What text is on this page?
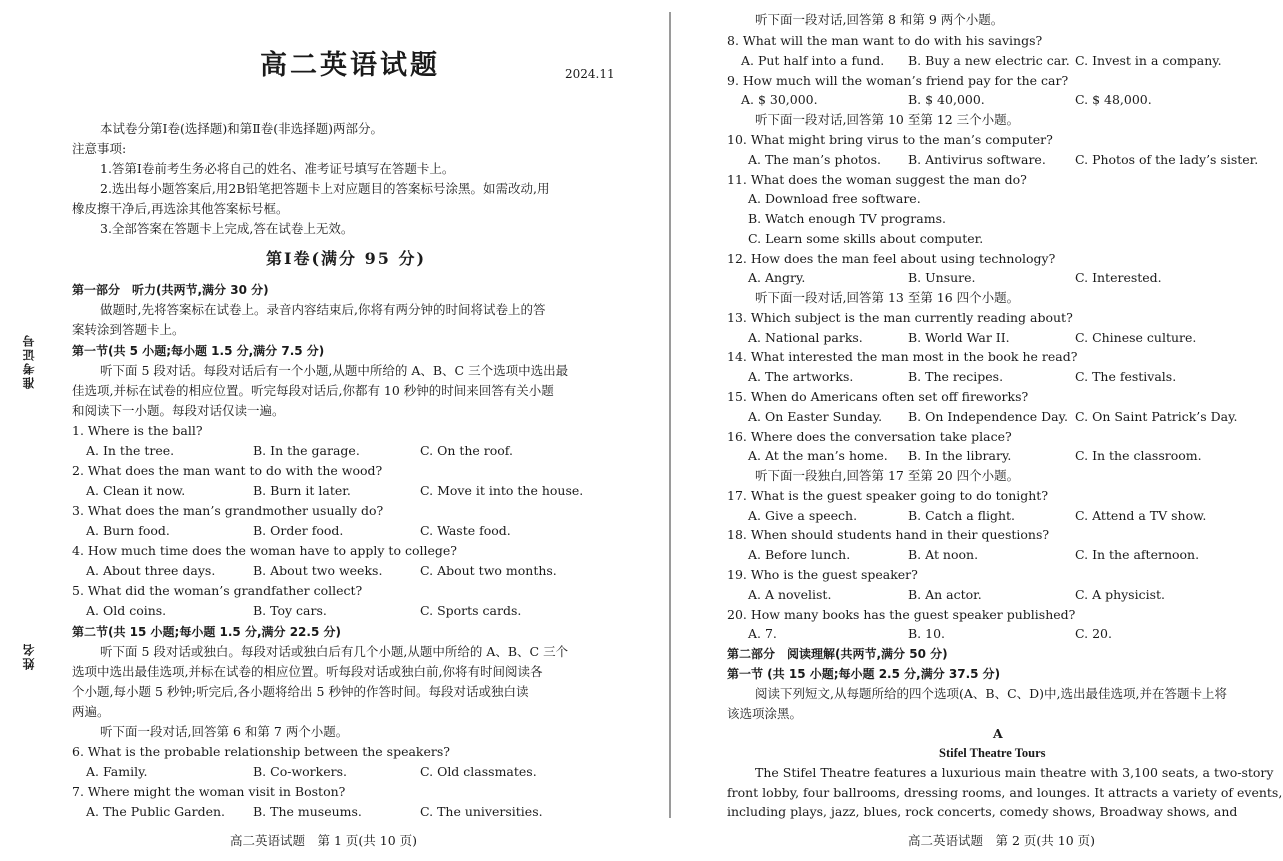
准考证号
姓名
高二英语试题	2024.11
本试卷分第Ⅰ卷(选择题)和第Ⅱ卷(非选择题)两部分。
注意事项:
1.答第Ⅰ卷前考生务必将自己的姓名、准考证号填写在答题卡上。
2.选出每小题答案后,用2B铅笔把答题卡上对应题目的答案标号涂黑。如需改动,用
橡皮擦干净后,再选涂其他答案标号框。
3.全部答案在答题卡上完成,答在试卷上无效。
第Ⅰ卷(满分 95 分)
第一部分　听力(共两节,满分 30 分)
做题时,先将答案标在试卷上。录音内容结束后,你将有两分钟的时间将试卷上的答
案转涂到答题卡上。
第一节(共 5 小题;每小题 1.5 分,满分 7.5 分)
听下面 5 段对话。每段对话后有一个小题,从题中所给的 A、B、C 三个选项中选出最
佳选项,并标在试卷的相应位置。听完每段对话后,你都有 10 秒钟的时间来回答有关小题
和阅读下一小题。每段对话仅读一遍。
1. Where is the ball?
A. In the tree.	B. In the garage.	C. On the roof.
2. What does the man want to do with the wood?
A. Clean it now.	B. Burn it later.	C. Move it into the house.
3. What does the man’s grandmother usually do?
A. Burn food.	B. Order food.	C. Waste food.
4. How much time does the woman have to apply to college?
A. About three days.	B. About two weeks.	C. About two months.
5. What did the woman’s grandfather collect?
A. Old coins.	B. Toy cars.	C. Sports cards.
第二节(共 15 小题;每小题 1.5 分,满分 22.5 分)
听下面 5 段对话或独白。每段对话或独白后有几个小题,从题中所给的 A、B、C 三个
选项中选出最佳选项,并标在试卷的相应位置。听每段对话或独白前,你将有时间阅读各
个小题,每小题 5 秒钟;听完后,各小题将给出 5 秒钟的作答时间。每段对话或独白读
两遍。
听下面一段对话,回答第 6 和第 7 两个小题。
6. What is the probable relationship between the speakers?
A. Family.	B. Co-workers.	C. Old classmates.
7. Where might the woman visit in Boston?
A. The Public Garden. B. The museums.	C. The universities.
高二英语试题　第 1 页(共 10 页)
听下面一段对话,回答第 8 和第 9 两个小题。
8. What will the man want to do with his savings?
A. Put half into a fund. B. Buy a new electric car. C. Invest in a company.
9. How much will the woman’s friend pay for the car?
A. $ 30,000.	B. $ 40,000.	C. $ 48,000.
听下面一段对话,回答第 10 至第 12 三个小题。
10. What might bring virus to the man’s computer?
A. The man’s photos. B. Antivirus software. C. Photos of the lady’s sister.
11. What does the woman suggest the man do?
A. Download free software.
B. Watch enough TV programs.
C. Learn some skills about computer.
12. How does the man feel about using technology?
A. Angry.	B. Unsure.	C. Interested.
听下面一段对话,回答第 13 至第 16 四个小题。
13. Which subject is the man currently reading about?
A. National parks.	B. World War II.	C. Chinese culture.
14. What interested the man most in the book he read?
A. The artworks.	B. The recipes.	C. The festivals.
15. When do Americans often set off fireworks?
A. On Easter Sunday. B. On Independence Day. C. On Saint Patrick’s Day.
16. Where does the conversation take place?
A. At the man’s home. B. In the library.	C. In the classroom.
听下面一段独白,回答第 17 至第 20 四个小题。
17. What is the guest speaker going to do tonight?
A. Give a speech.	B. Catch a flight.	C. Attend a TV show.
18. When should students hand in their questions?
A. Before lunch.	B. At noon.	C. In the afternoon.
19. Who is the guest speaker?
A. A novelist.	B. An actor.	C. A physicist.
20. How many books has the guest speaker published?
A. 7.	B. 10.	C. 20.
第二部分　阅读理解(共两节,满分 50 分)
第一节 (共 15 小题;每小题 2.5 分,满分 37.5 分)
阅读下列短文,从每题所给的四个选项(A、B、C、D)中,选出最佳选项,并在答题卡上将
该选项涂黑。
A
Stifel Theatre Tours
The Stifel Theatre features a luxurious main theatre with 3,100 seats, a two-story
front lobby, four ballrooms, dressing rooms, and lounges. It attracts a variety of events,
including plays, jazz, blues, rock concerts, comedy shows, Broadway shows, and
高二英语试题　第 2 页(共 10 页)
